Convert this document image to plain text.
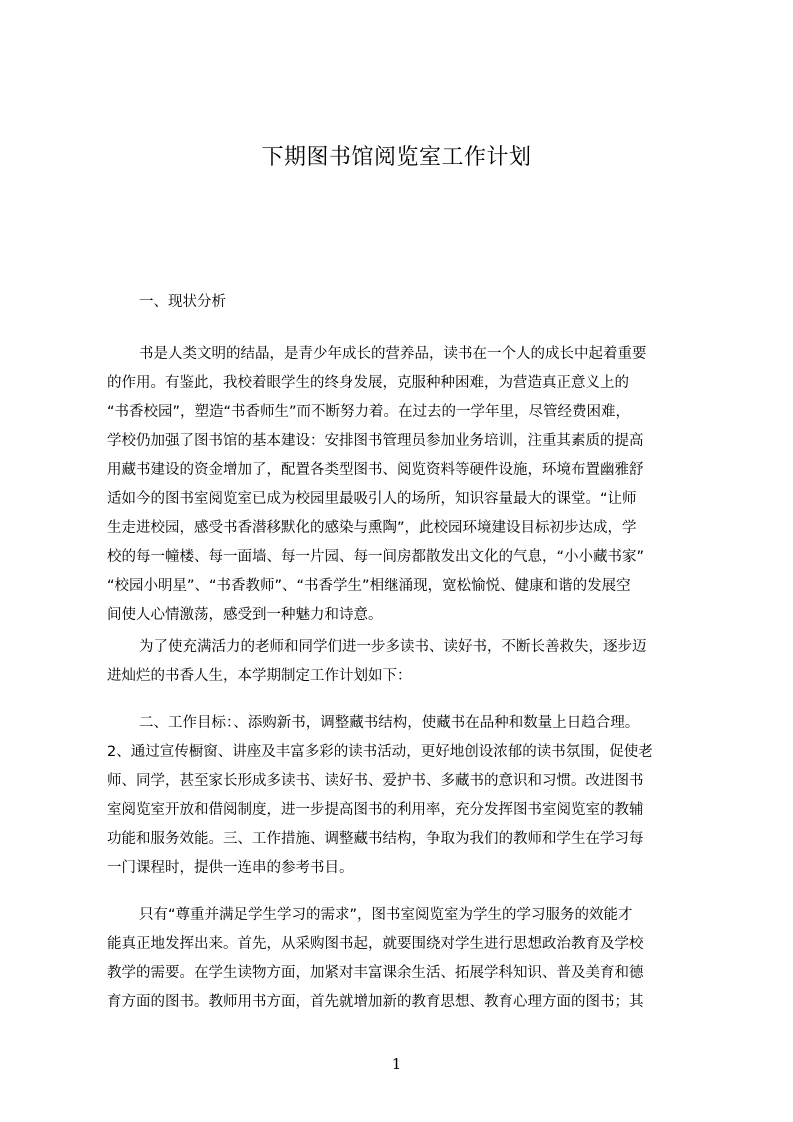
下期图书馆阅览室工作计划
一、现状分析
书是人类文明的结晶，是青少年成长的营养品，读书在一个人的成长中起着重要
的作用。有鉴此，我校着眼学生的终身发展，克服种种困难，为营造真正意义上的
“书香校园”，塑造“书香师生”而不断努力着。在过去的一学年里，尽管经费困难，
学校仍加强了图书馆的基本建设：安排图书管理员参加业务培训，注重其素质的提高
用藏书建设的资金增加了，配置各类型图书、阅览资料等硬件设施，环境布置幽雅舒
适如今的图书室阅览室已成为校园里最吸引人的场所，知识容量最大的课堂。“让师
生走进校园，感受书香潜移默化的感染与熏陶”，此校园环境建设目标初步达成，学
校的每一幢楼、每一面墙、每一片园、每一间房都散发出文化的气息，“小小藏书家”
“校园小明星”、“书香教师”、“书香学生”相继涌现，宽松愉悦、健康和谐的发展空
间使人心情激荡，感受到一种魅力和诗意。
为了使充满活力的老师和同学们进一步多读书、读好书，不断长善救失，逐步迈
进灿烂的书香人生，本学期制定工作计划如下：
二、工作目标：、添购新书，调整藏书结构，使藏书在品种和数量上日趋合理。
2、通过宣传橱窗、讲座及丰富多彩的读书活动，更好地创设浓郁的读书氛围，促使老
师、同学，甚至家长形成多读书、读好书、爱护书、多藏书的意识和习惯。改进图书
室阅览室开放和借阅制度，进一步提高图书的利用率，充分发挥图书室阅览室的教辅
功能和服务效能。三、工作措施、调整藏书结构，争取为我们的教师和学生在学习每
一门课程时，提供一连串的参考书目。
只有“尊重并满足学生学习的需求”，图书室阅览室为学生的学习服务的效能才
能真正地发挥出来。首先，从采购图书起，就要围绕对学生进行思想政治教育及学校
教学的需要。在学生读物方面，加紧对丰富课余生活、拓展学科知识、普及美育和德
育方面的图书。教师用书方面，首先就增加新的教育思想、教育心理方面的图书；其
1
